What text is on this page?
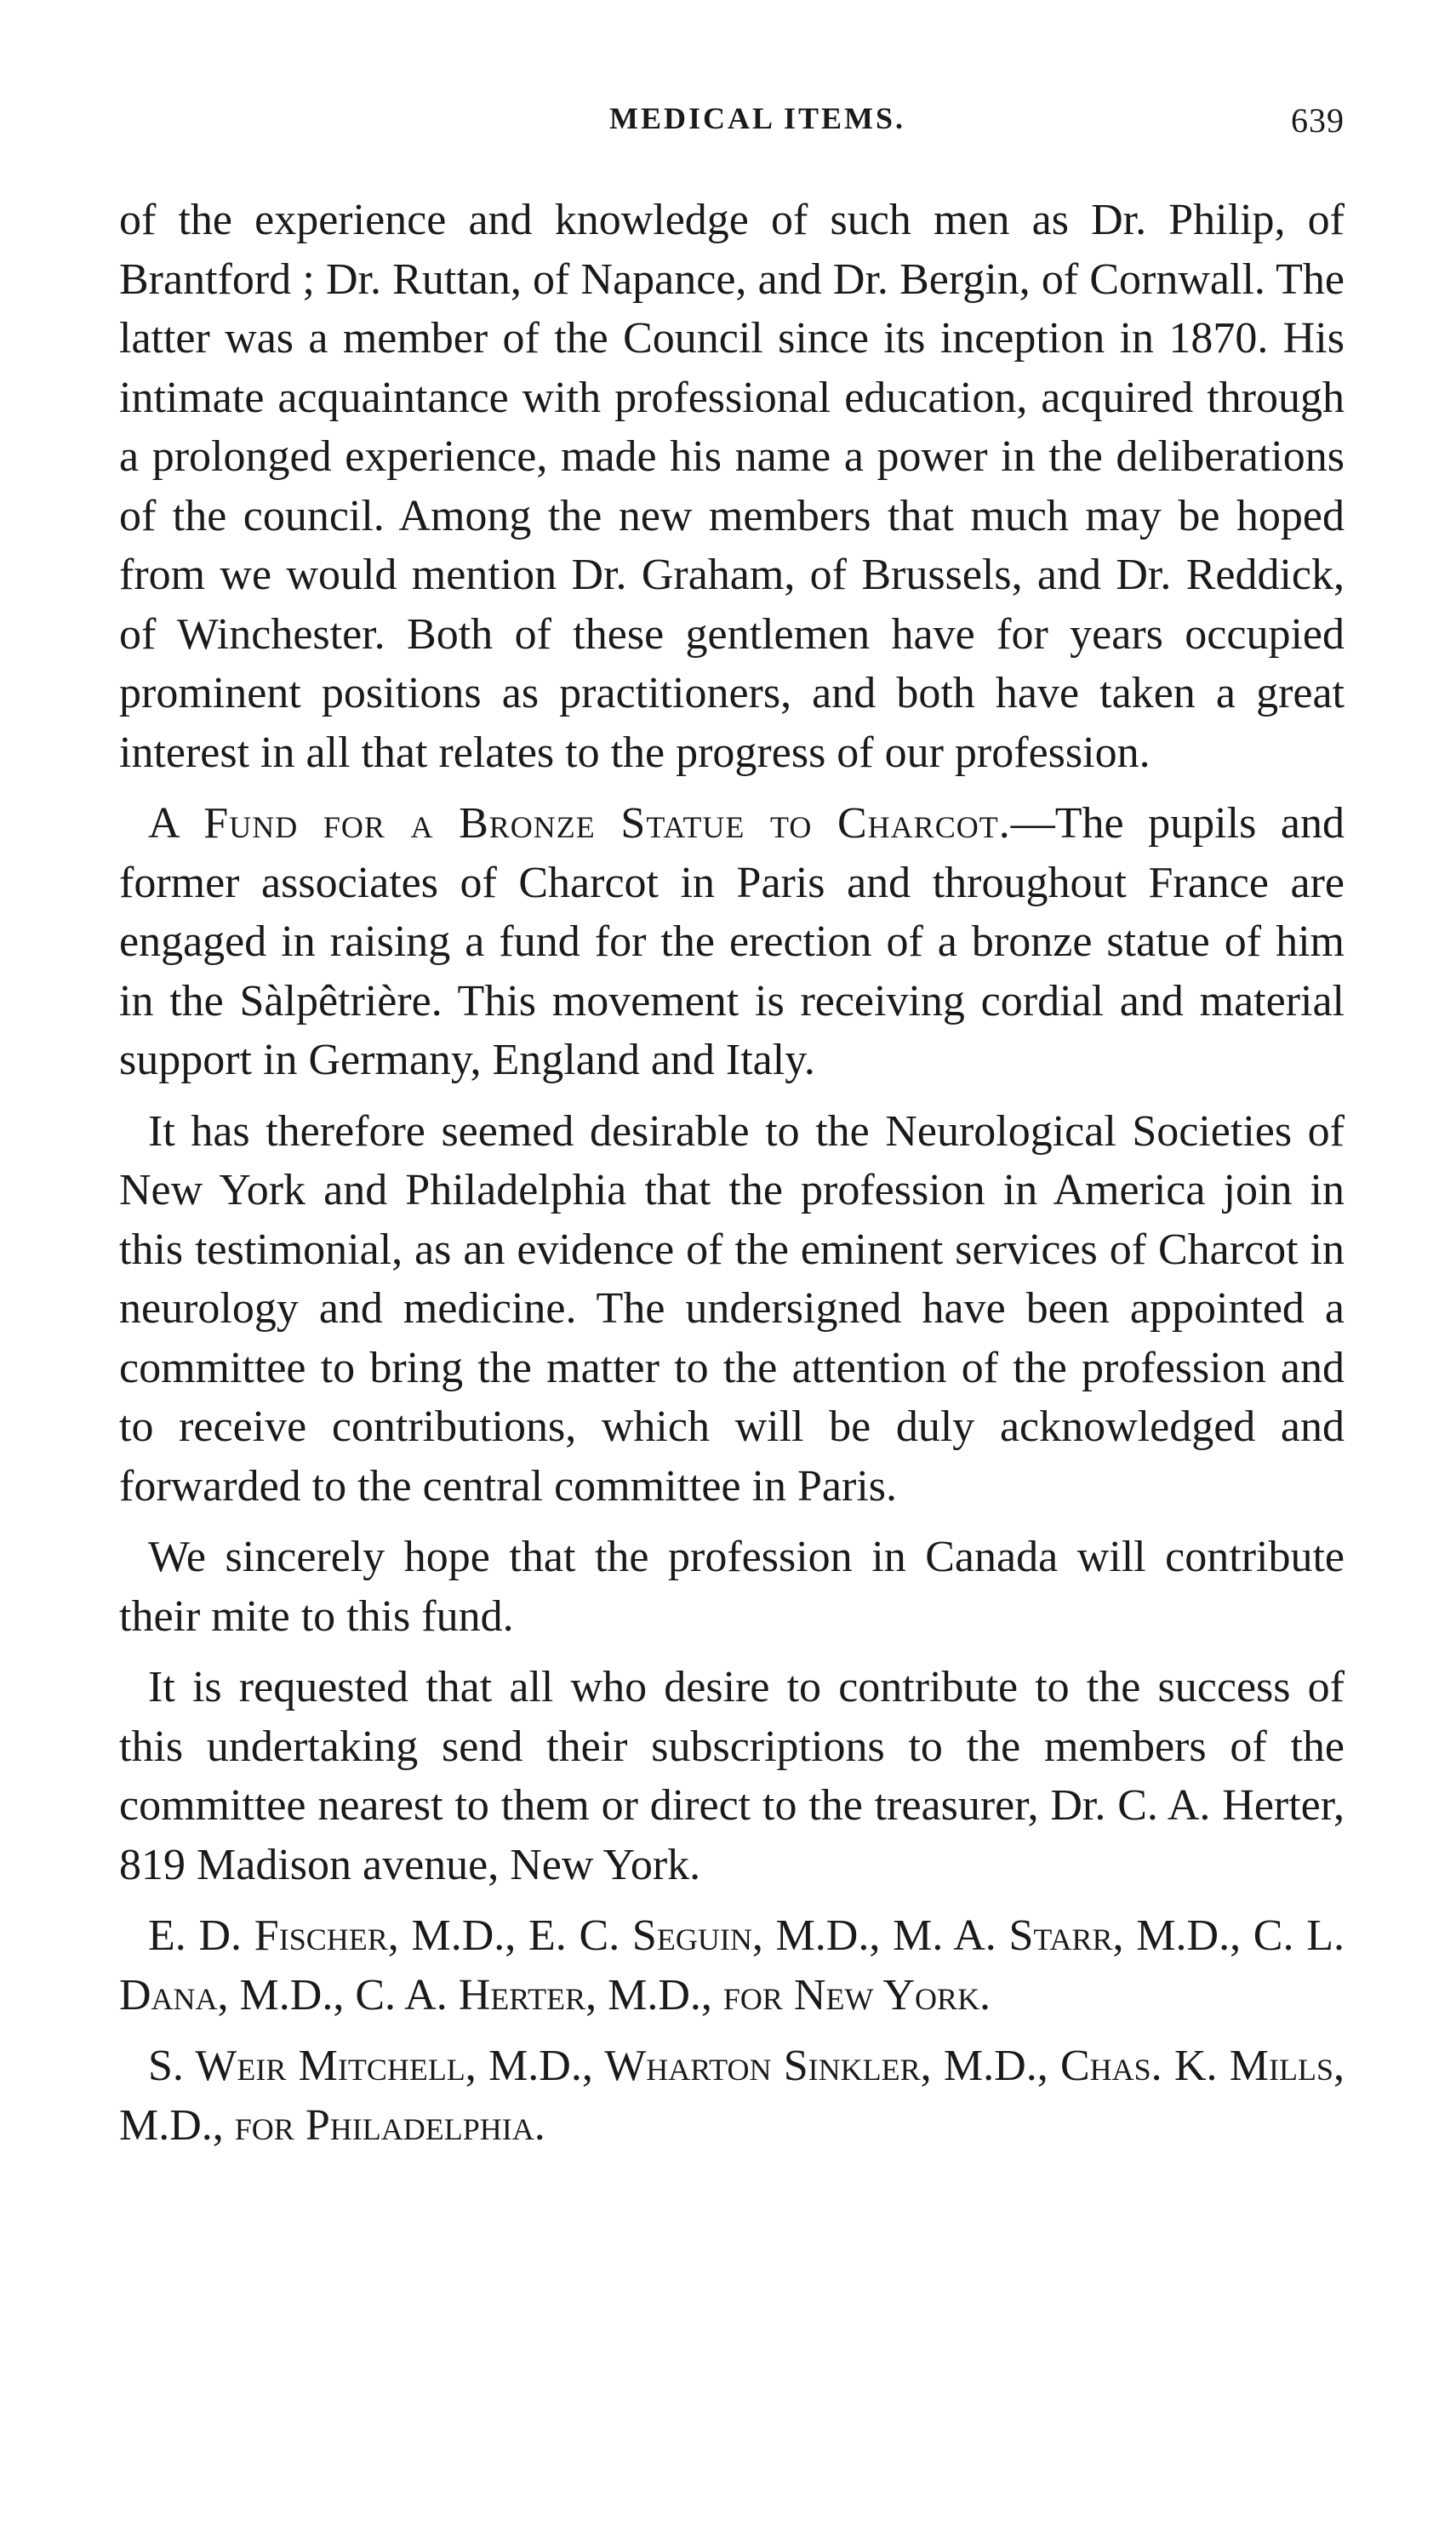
MEDICAL ITEMS.	639

of the experience and knowledge of such men as Dr. Philip, of Brantford ; Dr. Ruttan, of Napance, and Dr. Bergin, of Cornwall. The latter was a member of the Council since its inception in 1870. His intimate acquaintance with professional education, acquired through a prolonged experience, made his name a power in the deliberations of the council. Among the new members that much may be hoped from we would mention Dr. Graham, of Brussels, and Dr. Reddick, of Winchester. Both of these gentlemen have for years occupied prominent positions as practitioners, and both have taken a great interest in all that relates to the progress of our profession.

A Fund for a Bronze Statue to Charcot.—The pupils and former associates of Charcot in Paris and throughout France are engaged in raising a fund for the erection of a bronze statue of him in the Sàlpêtrière. This movement is receiving cordial and material support in Germany, England and Italy.

It has therefore seemed desirable to the Neurological Societies of New York and Philadelphia that the profession in America join in this testimonial, as an evidence of the eminent services of Charcot in neurology and medicine. The undersigned have been appointed a committee to bring the matter to the attention of the profession and to receive contributions, which will be duly acknowledged and forwarded to the central committee in Paris.

We sincerely hope that the profession in Canada will contribute their mite to this fund.

It is requested that all who desire to contribute to the success of this undertaking send their subscriptions to the members of the committee nearest to them or direct to the treasurer, Dr. C. A. Herter, 819 Madison avenue, New York.

E. D. Fischer, M.D., E. C. Seguin, M.D., M. A. Starr, M.D., C. L. Dana, M.D., C. A. Herter, M.D., for New York.

S. Weir Mitchell, M.D., Wharton Sinkler, M.D., Chas. K. Mills, M.D., for Philadelphia.
